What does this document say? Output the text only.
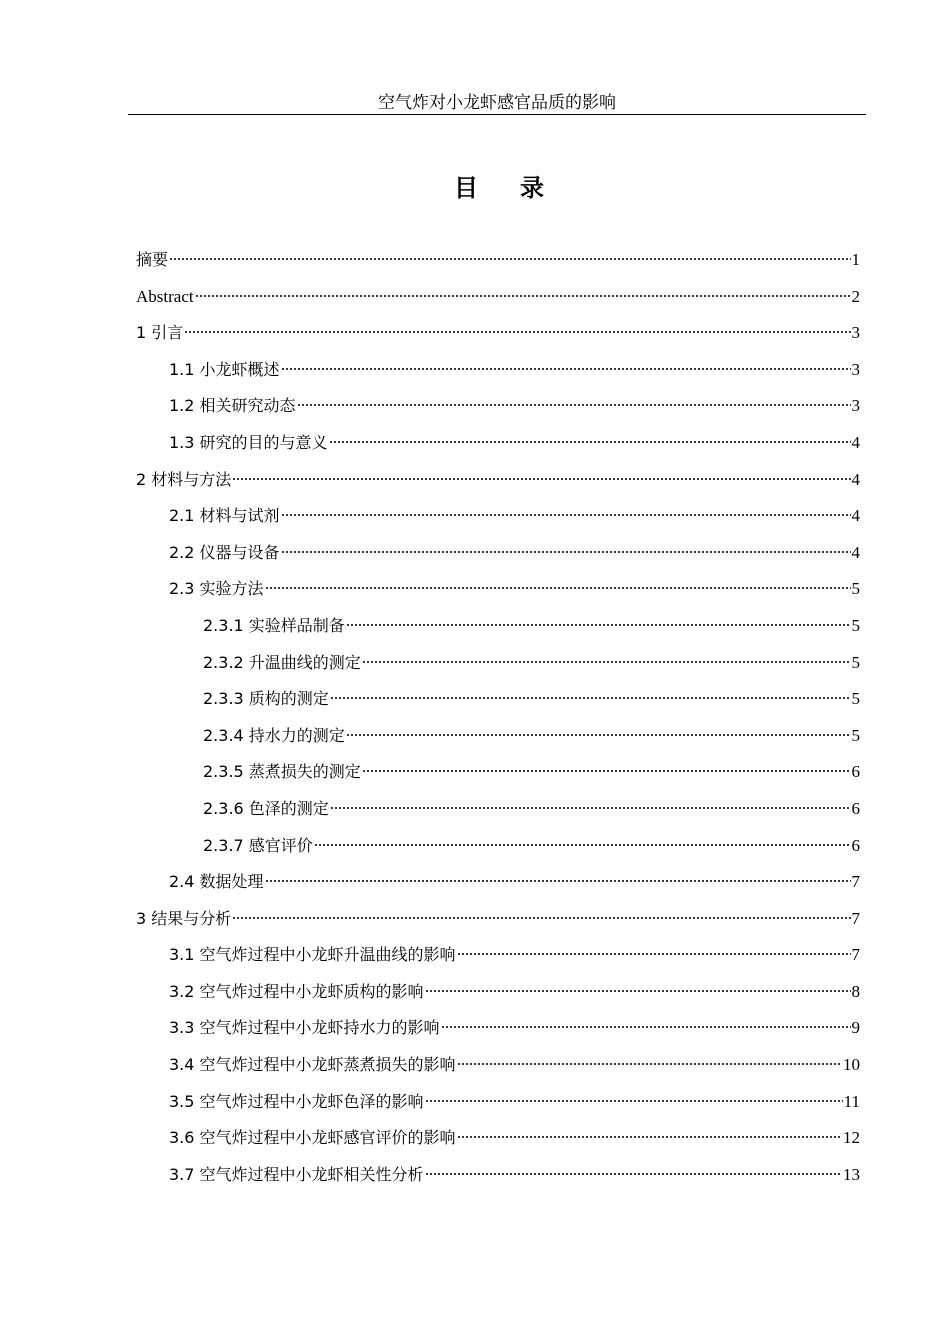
空气炸对小龙虾感官品质的影响
目 录
摘要	1
Abstract	2
1 引言	3
1.1 小龙虾概述	3
1.2 相关研究动态	3
1.3 研究的目的与意义	4
2 材料与方法	4
2.1 材料与试剂	4
2.2 仪器与设备	4
2.3 实验方法	5
2.3.1 实验样品制备	5
2.3.2 升温曲线的测定	5
2.3.3 质构的测定	5
2.3.4 持水力的测定	5
2.3.5 蒸煮损失的测定	6
2.3.6 色泽的测定	6
2.3.7 感官评价	6
2.4 数据处理	7
3 结果与分析	7
3.1 空气炸过程中小龙虾升温曲线的影响	7
3.2 空气炸过程中小龙虾质构的影响	8
3.3 空气炸过程中小龙虾持水力的影响	9
3.4 空气炸过程中小龙虾蒸煮损失的影响	10
3.5 空气炸过程中小龙虾色泽的影响	11
3.6 空气炸过程中小龙虾感官评价的影响	12
3.7 空气炸过程中小龙虾相关性分析	13
